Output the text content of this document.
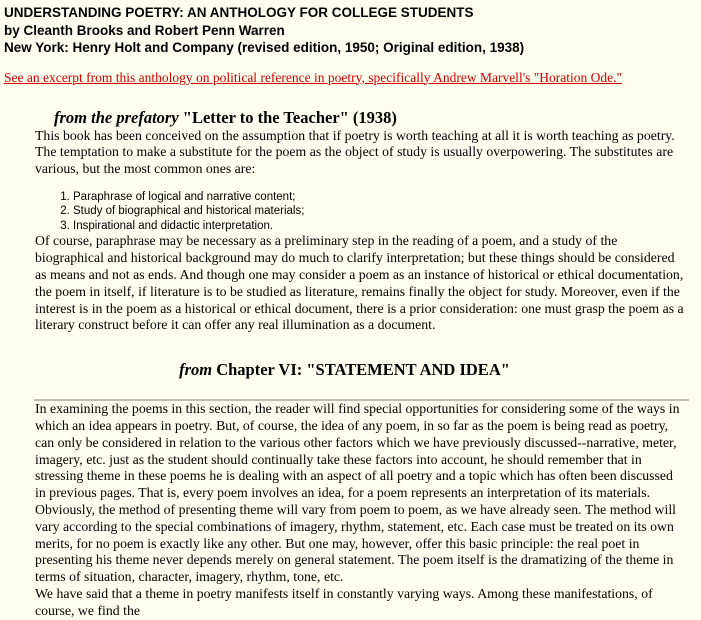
UNDERSTANDING POETRY: AN ANTHOLOGY FOR COLLEGE STUDENTS
by Cleanth Brooks and Robert Penn Warren
New York: Henry Holt and Company (revised edition, 1950; Original edition, 1938)
See an excerpt from this anthology on political reference in poetry, specifically Andrew Marvell's "Horation Ode."
from the prefatory "Letter to the Teacher" (1938)

This book has been conceived on the assumption that if poetry is worth teaching at all it is worth teaching as poetry. The temptation to make a substitute for the poem as the object of study is usually overpowering. The substitutes are various, but the most common ones are:

1. Paraphrase of logical and narrative content;
2. Study of biographical and historical materials;
3. Inspirational and didactic interpretation.

Of course, paraphrase may be necessary as a preliminary step in the reading of a poem, and a study of the biographical and historical background may do much to clarify interpretation; but these things should be considered as means and not as ends. And though one may consider a poem as an instance of historical or ethical documentation, the poem in itself, if literature is to be studied as literature, remains finally the object for study. Moreover, even if the interest is in the poem as a historical or ethical document, there is a prior consideration: one must grasp the poem as a literary construct before it can offer any real illumination as a document.

from Chapter VI: "STATEMENT AND IDEA"

In examining the poems in this section, the reader will find special opportunities for considering some of the ways in which an idea appears in poetry. But, of course, the idea of any poem, in so far as the poem is being read as poetry, can only be considered in relation to the various other factors which we have previously discussed--narrative, meter, imagery, etc. just as the student should continually take these factors into account, he should remember that in stressing theme in these poems he is dealing with an aspect of all poetry and a topic which has often been discussed in previous pages. That is, every poem involves an idea, for a poem represents an interpretation of its materials. Obviously, the method of presenting theme will vary from poem to poem, as we have already seen. The method will vary according to the special combinations of imagery, rhythm, statement, etc. Each case must be treated on its own merits, for no poem is exactly like any other. But one may, however, offer this basic principle: the real poet in presenting his theme never depends merely on general statement. The poem itself is the dramatizing of the theme in terms of situation, character, imagery, rhythm, tone, etc.

We have said that a theme in poetry manifests itself in constantly varying ways. Among these manifestations, of course, we find the
